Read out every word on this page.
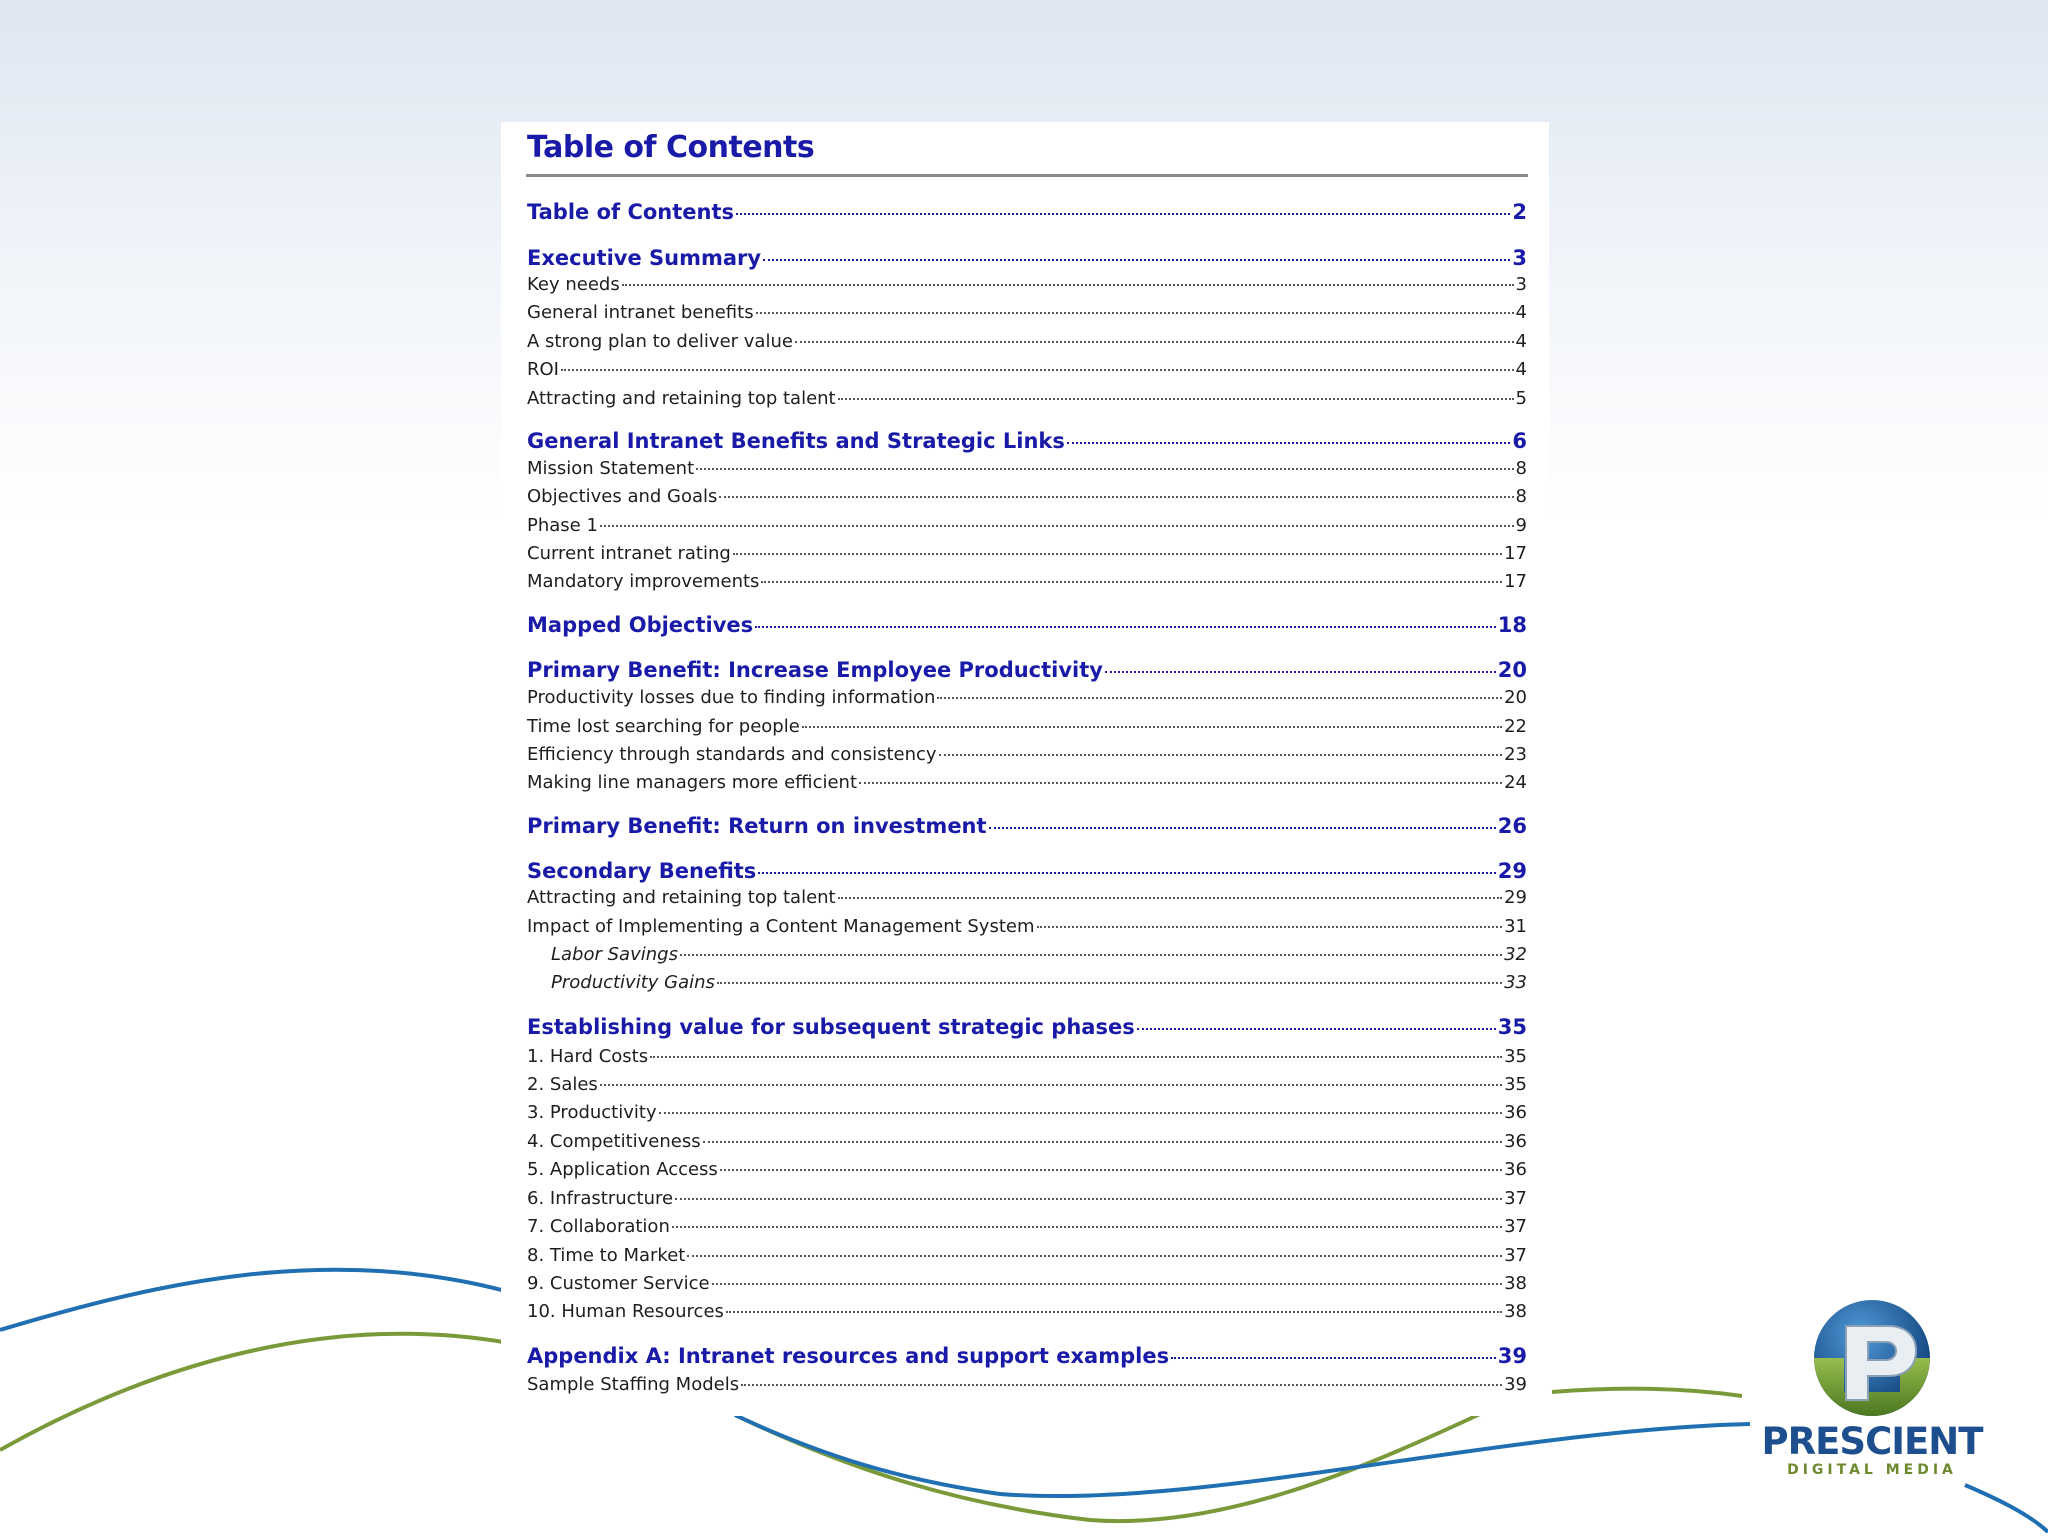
Table of Contents
Table of Contents	2
Executive Summary	3
Key needs	3
General intranet benefits	4
A strong plan to deliver value	4
ROI	4
Attracting and retaining top talent	5
General Intranet Benefits and Strategic Links	6
Mission Statement	8
Objectives and Goals	8
Phase 1	9
Current intranet rating	17
Mandatory improvements	17
Mapped Objectives	18
Primary Benefit: Increase Employee Productivity	20
Productivity losses due to finding information	20
Time lost searching for people	22
Efficiency through standards and consistency	23
Making line managers more efficient	24
Primary Benefit: Return on investment	26
Secondary Benefits	29
Attracting and retaining top talent	29
Impact of Implementing a Content Management System	31
Labor Savings	32
Productivity Gains	33
Establishing value for subsequent strategic phases	35
1. Hard Costs	35
2. Sales	35
3. Productivity	36
4. Competitiveness	36
5. Application Access	36
6. Infrastructure	37
7. Collaboration	37
8. Time to Market	37
9. Customer Service	38
10. Human Resources	38
Appendix A: Intranet resources and support examples	39
Sample Staffing Models	39
PRESCIENT
DIGITAL MEDIA
